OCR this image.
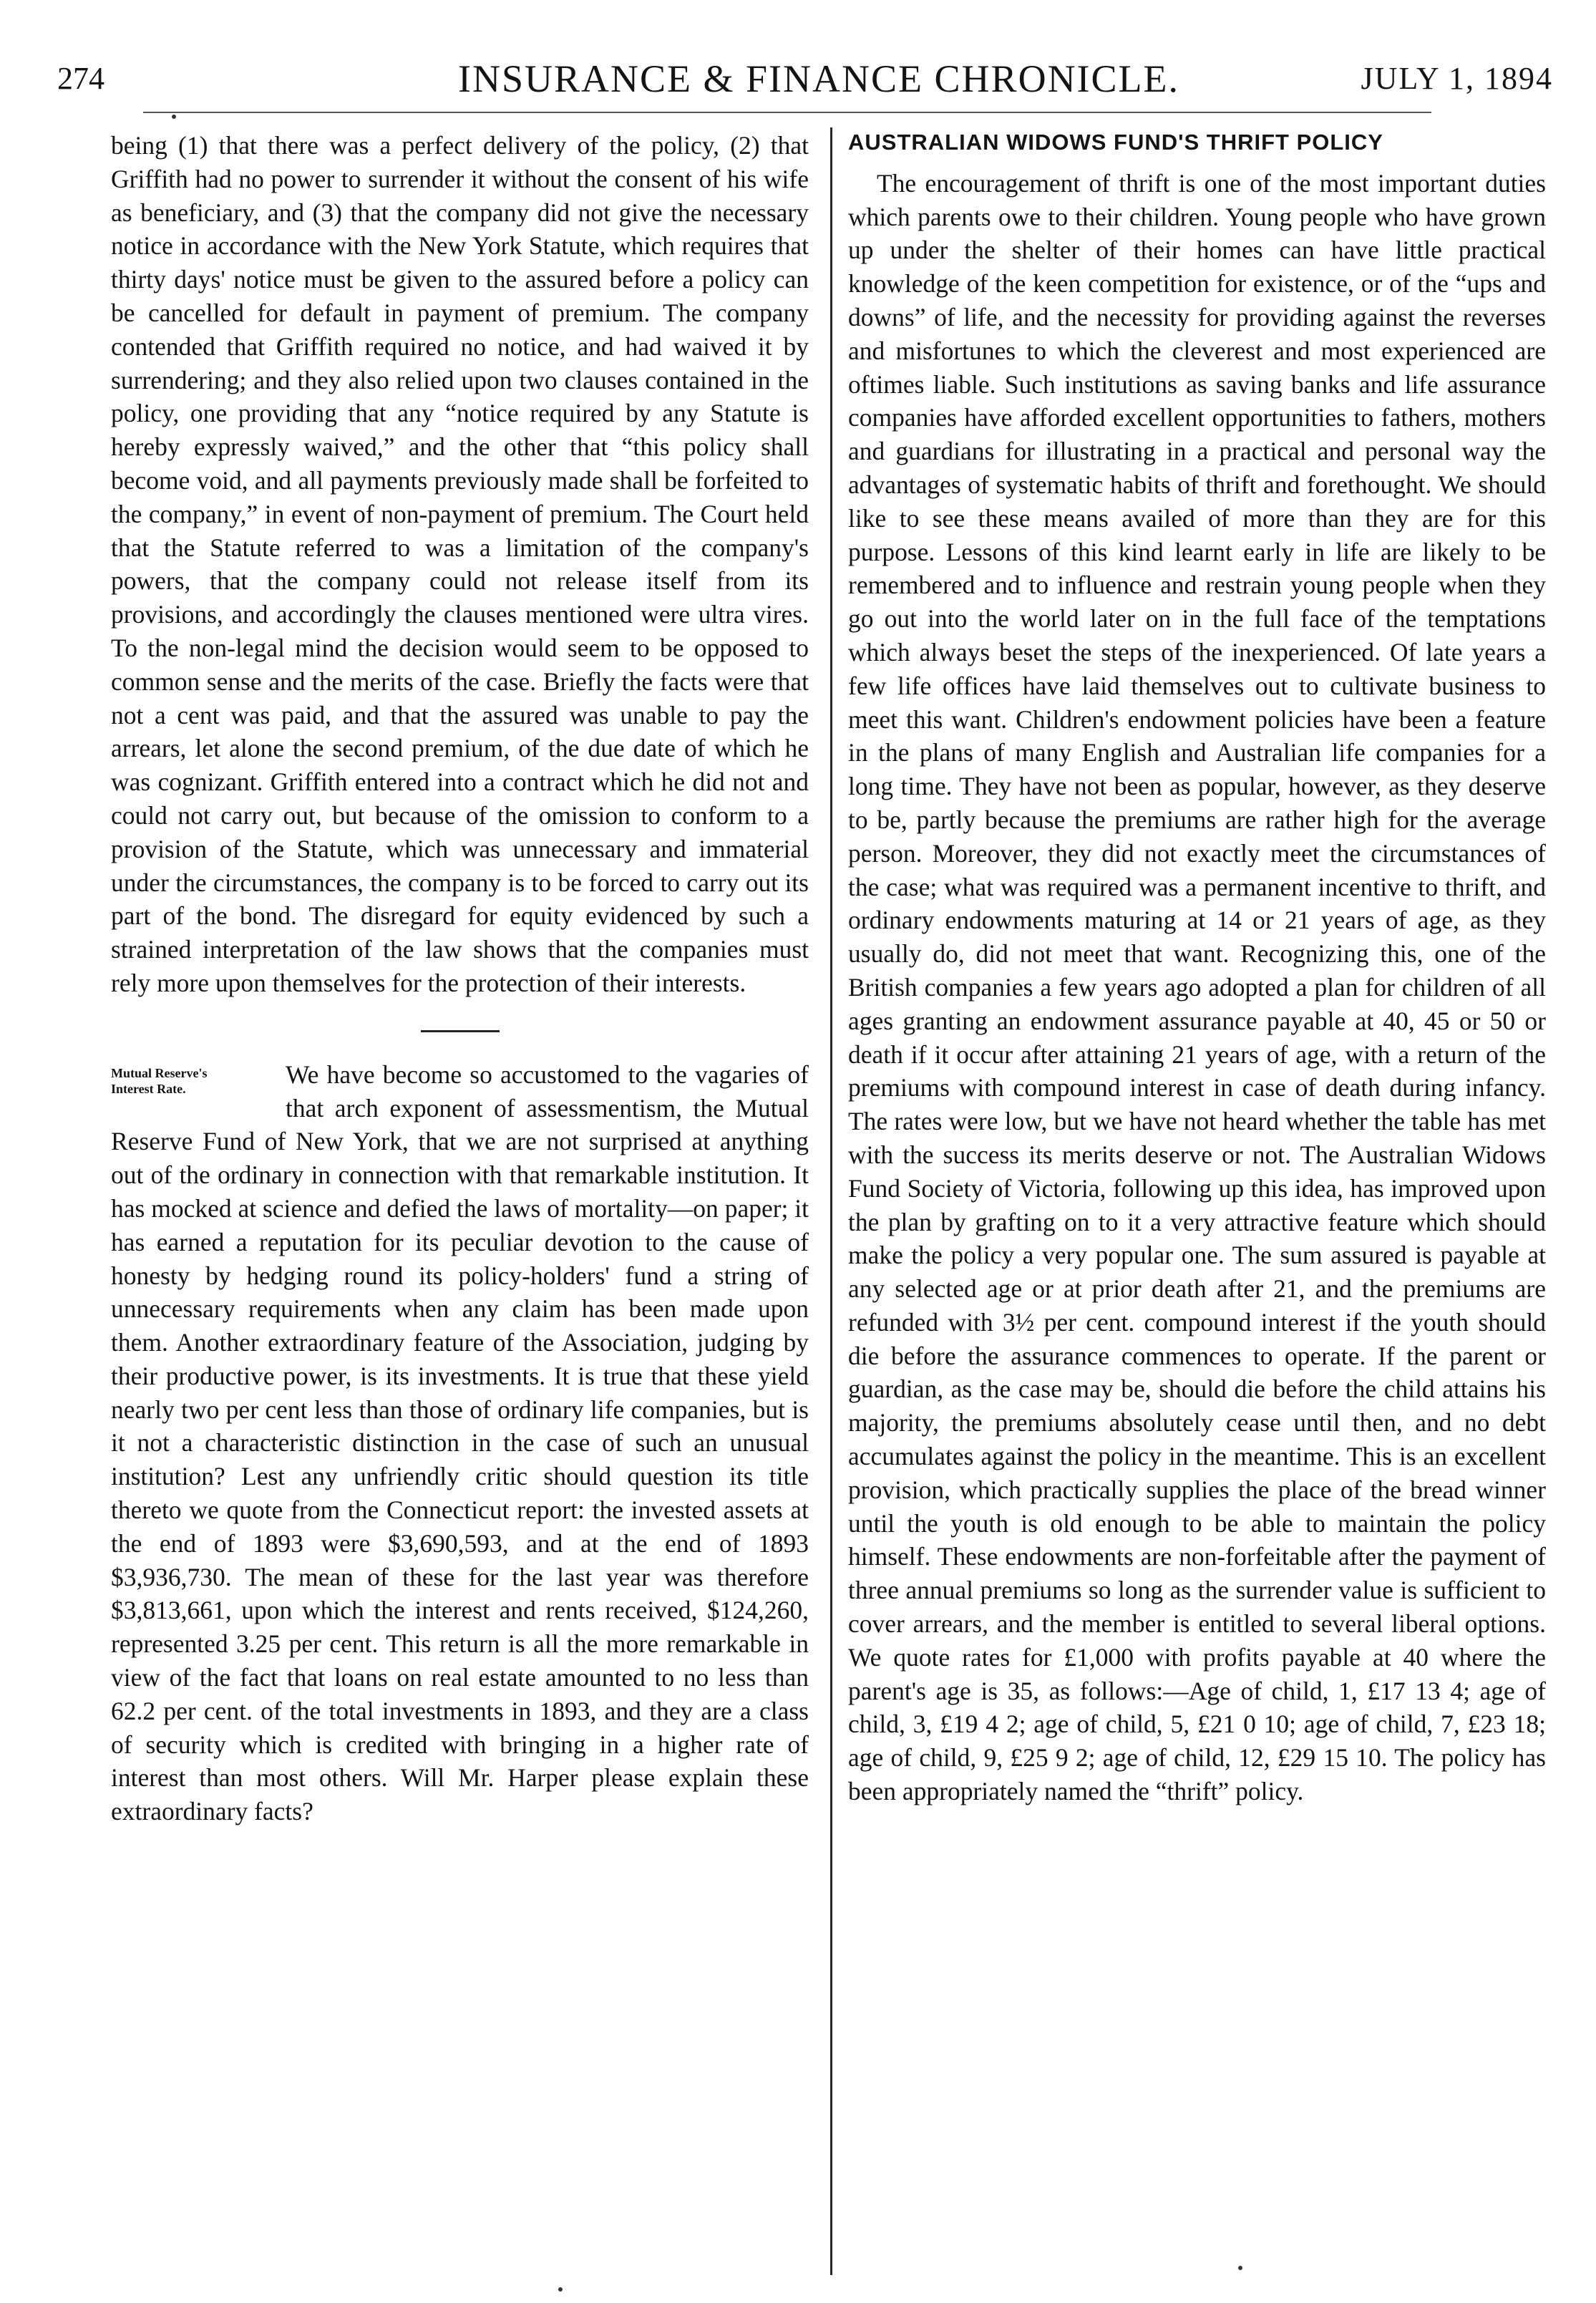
274	INSURANCE & FINANCE CHRONICLE.	JULY 1, 1894

being (1) that there was a perfect delivery of the policy, (2) that Griffith had no power to surrender it without the consent of his wife as beneficiary, and (3) that the company did not give the necessary notice in accordance with the New York Statute, which requires that thirty days' notice must be given to the assured before a policy can be cancelled for default in payment of premium. The company contended that Griffith required no notice, and had waived it by surrendering; and they also relied upon two clauses contained in the policy, one providing that any “notice required by any Statute is hereby expressly waived,” and the other that “this policy shall become void, and all payments previously made shall be forfeited to the company,” in event of non-payment of premium. The Court held that the Statute referred to was a limitation of the company's powers, that the company could not release itself from its provisions, and accordingly the clauses mentioned were ultra vires. To the non-legal mind the decision would seem to be opposed to common sense and the merits of the case. Briefly the facts were that not a cent was paid, and that the assured was unable to pay the arrears, let alone the second premium, of the due date of which he was cognizant. Griffith entered into a contract which he did not and could not carry out, but because of the omission to conform to a provision of the Statute, which was unnecessary and immaterial under the circumstances, the company is to be forced to carry out its part of the bond. The disregard for equity evidenced by such a strained interpretation of the law shows that the companies must rely more upon themselves for the protection of their interests.

Mutual Reserve's
Interest Rate.	We have become so accustomed to the vagaries of that arch exponent of assessmentism, the Mutual Reserve Fund of New York, that we are not surprised at anything out of the ordinary in connection with that remarkable institution. It has mocked at science and defied the laws of mortality—on paper; it has earned a reputation for its peculiar devotion to the cause of honesty by hedging round its policy-holders' fund a string of unnecessary requirements when any claim has been made upon them. Another extraordinary feature of the Association, judging by their productive power, is its investments. It is true that these yield nearly two per cent less than those of ordinary life companies, but is it not a characteristic distinction in the case of such an unusual institution? Lest any unfriendly critic should question its title thereto we quote from the Connecticut report: the invested assets at the end of 1893 were $3,690,593, and at the end of 1893 $3,936,730. The mean of these for the last year was therefore $3,813,661, upon which the interest and rents received, $124,260, represented 3.25 per cent. This return is all the more remarkable in view of the fact that loans on real estate amounted to no less than 62.2 per cent. of the total investments in 1893, and they are a class of security which is credited with bringing in a higher rate of interest than most others. Will Mr. Harper please explain these extraordinary facts?

AUSTRALIAN WIDOWS FUND'S THRIFT POLICY

The encouragement of thrift is one of the most important duties which parents owe to their children. Young people who have grown up under the shelter of their homes can have little practical knowledge of the keen competition for existence, or of the “ups and downs” of life, and the necessity for providing against the reverses and misfortunes to which the cleverest and most experienced are oftimes liable. Such institutions as saving banks and life assurance companies have afforded excellent opportunities to fathers, mothers and guardians for illustrating in a practical and personal way the advantages of systematic habits of thrift and forethought. We should like to see these means availed of more than they are for this purpose. Lessons of this kind learnt early in life are likely to be remembered and to influence and restrain young people when they go out into the world later on in the full face of the temptations which always beset the steps of the inexperienced. Of late years a few life offices have laid themselves out to cultivate business to meet this want. Children's endowment policies have been a feature in the plans of many English and Australian life companies for a long time. They have not been as popular, however, as they deserve to be, partly because the premiums are rather high for the average person. Moreover, they did not exactly meet the circumstances of the case; what was required was a permanent incentive to thrift, and ordinary endowments maturing at 14 or 21 years of age, as they usually do, did not meet that want. Recognizing this, one of the British companies a few years ago adopted a plan for children of all ages granting an endowment assurance payable at 40, 45 or 50 or death if it occur after attaining 21 years of age, with a return of the premiums with compound interest in case of death during infancy. The rates were low, but we have not heard whether the table has met with the success its merits deserve or not. The Australian Widows Fund Society of Victoria, following up this idea, has improved upon the plan by grafting on to it a very attractive feature which should make the policy a very popular one. The sum assured is payable at any selected age or at prior death after 21, and the premiums are refunded with 3½ per cent. compound interest if the youth should die before the assurance commences to operate. If the parent or guardian, as the case may be, should die before the child attains his majority, the premiums absolutely cease until then, and no debt accumulates against the policy in the meantime. This is an excellent provision, which practically supplies the place of the bread winner until the youth is old enough to be able to maintain the policy himself. These endowments are non-forfeitable after the payment of three annual premiums so long as the surrender value is sufficient to cover arrears, and the member is entitled to several liberal options. We quote rates for £1,000 with profits payable at 40 where the parent's age is 35, as follows:—Age of child, 1, £17 13 4; age of child, 3, £19 4 2; age of child, 5, £21 0 10; age of child, 7, £23 18; age of child, 9, £25 9 2; age of child, 12, £29 15 10. The policy has been appropriately named the “thrift” policy.
